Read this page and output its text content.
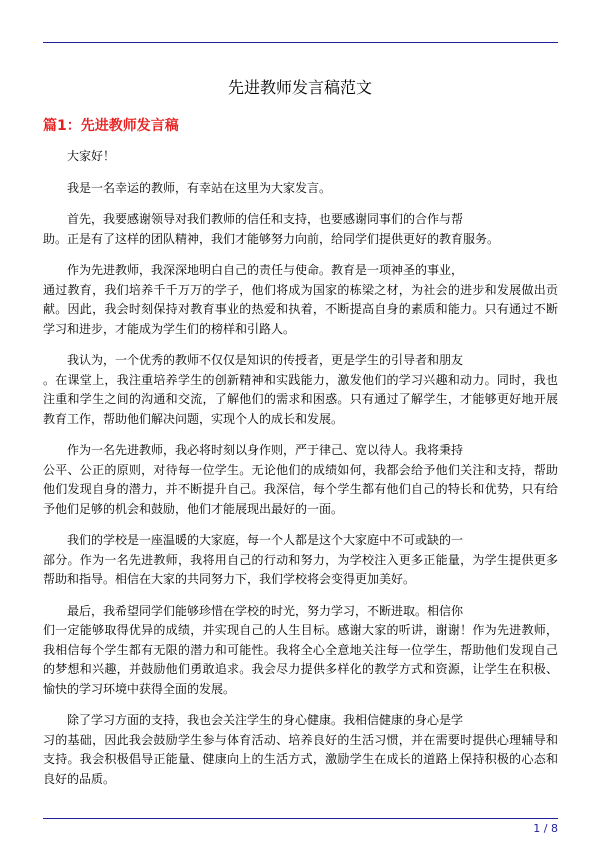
先进教师发言稿范文
篇1：先进教师发言稿

大家好！

我是一名幸运的教师，有幸站在这里为大家发言。

首先，我要感谢领导对我们教师的信任和支持，也要感谢同事们的合作与帮
助。正是有了这样的团队精神，我们才能够努力向前，给同学们提供更好的教育服务。

作为先进教师，我深深地明白自己的责任与使命。教育是一项神圣的事业，
通过教育，我们培养千千万万的学子，他们将成为国家的栋梁之材，为社会的进步和发展做出贡献。因此，我会时刻保持对教育事业的热爱和执着，不断提高自身的素质和能力。只有通过不断学习和进步，才能成为学生们的榜样和引路人。

我认为，一个优秀的教师不仅仅是知识的传授者，更是学生的引导者和朋友
。在课堂上，我注重培养学生的创新精神和实践能力，激发他们的学习兴趣和动力。同时，我也注重和学生之间的沟通和交流，了解他们的需求和困惑。只有通过了解学生，才能够更好地开展教育工作，帮助他们解决问题，实现个人的成长和发展。

作为一名先进教师，我必将时刻以身作则，严于律己、宽以待人。我将秉持
公平、公正的原则，对待每一位学生。无论他们的成绩如何，我都会给予他们关注和支持，帮助他们发现自身的潜力，并不断提升自己。我深信，每个学生都有他们自己的特长和优势，只有给予他们足够的机会和鼓励，他们才能展现出最好的一面。

我们的学校是一座温暖的大家庭，每一个人都是这个大家庭中不可或缺的一
部分。作为一名先进教师，我将用自己的行动和努力，为学校注入更多正能量，为学生提供更多帮助和指导。相信在大家的共同努力下，我们学校将会变得更加美好。

最后，我希望同学们能够珍惜在学校的时光，努力学习，不断进取。相信你
们一定能够取得优异的成绩，并实现自己的人生目标。感谢大家的听讲，谢谢！作为先进教师，我相信每个学生都有无限的潜力和可能性。我将全心全意地关注每一位学生，帮助他们发现自己的梦想和兴趣，并鼓励他们勇敢追求。我会尽力提供多样化的教学方式和资源，让学生在积极、愉快的学习环境中获得全面的发展。

除了学习方面的支持，我也会关注学生的身心健康。我相信健康的身心是学
习的基础，因此我会鼓励学生参与体育活动、培养良好的生活习惯，并在需要时提供心理辅导和支持。我会积极倡导正能量、健康向上的生活方式，激励学生在成长的道路上保持积极的心态和良好的品质。

1 / 8
